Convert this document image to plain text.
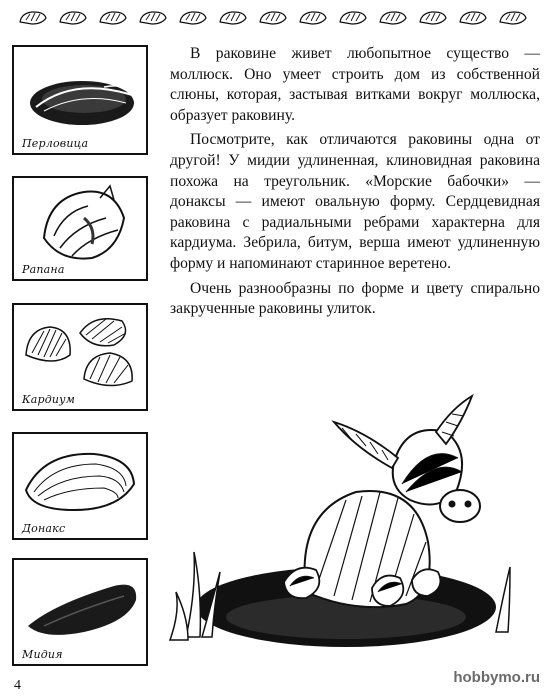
Перловица
Рапана
Кардиум
Донакс
Мидия

В раковине живет любопытное существо — моллюск. Оно умеет строить дом из собственной слюны, которая, застывая витками вокруг моллюска, образует раковину.

Посмотрите, как отличаются раковины одна от другой! У мидии удлиненная, клиновидная раковина похожа на треугольник. «Морские бабочки» — донаксы — имеют овальную форму. Сердцевидная раковина с радиальными ребрами характерна для кардиума. Зебрила, битум, верша имеют удлиненную форму и напоминают старинное веретено.

Очень разнообразны по форме и цвету спирально закрученные раковины улиток.

4	hobbymo.ru
